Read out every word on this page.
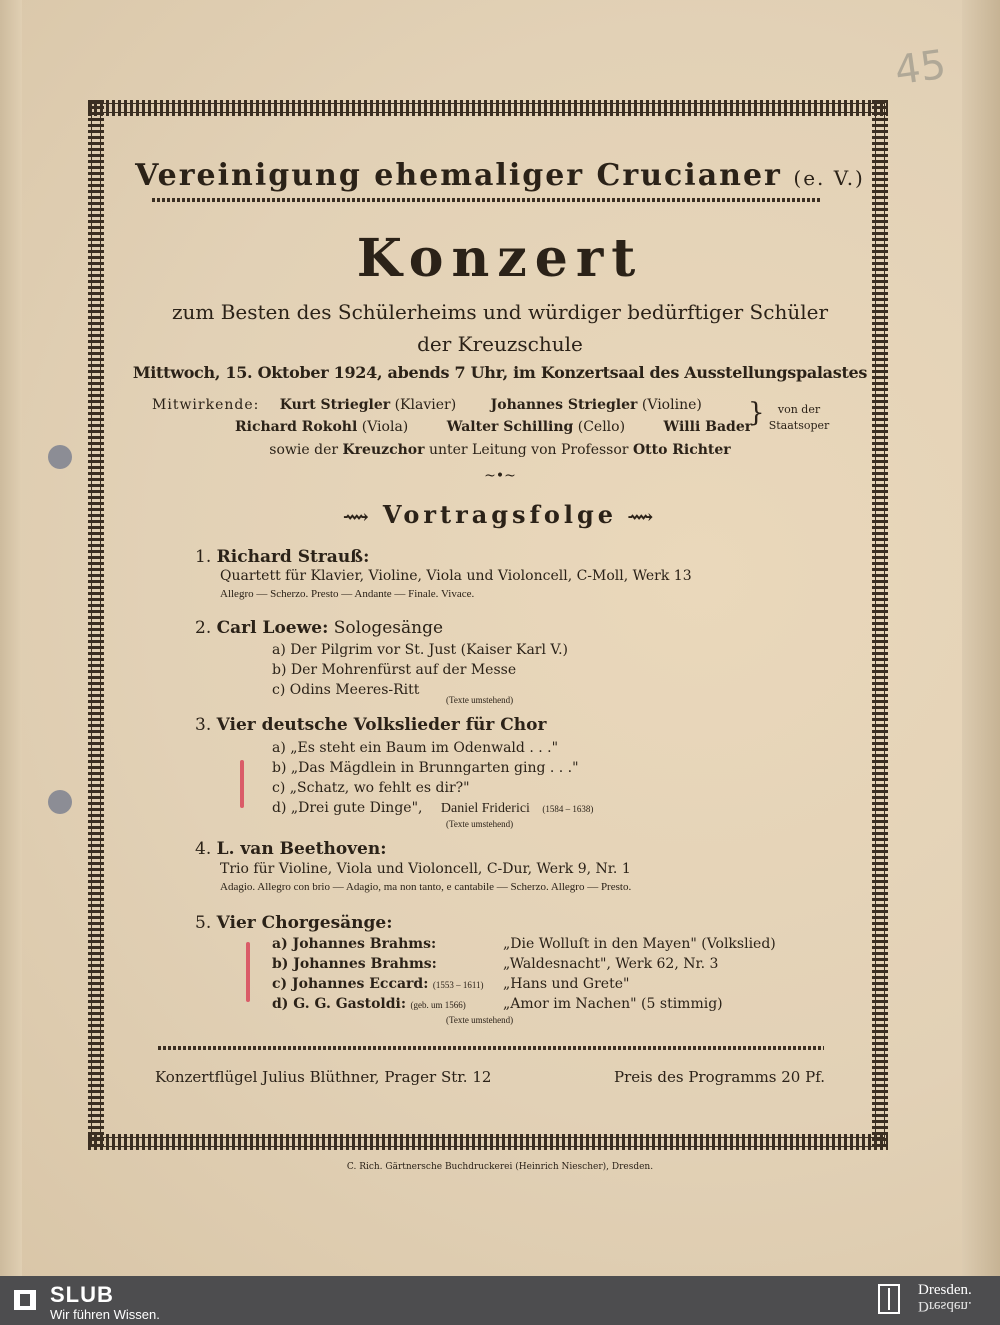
45
Vereinigung ehemaliger Crucianer (e. V.)
Konzert
zum Besten des Schülerheims und würdiger bedürftiger Schüler
der Kreuzschule
Mittwoch, 15. Oktober 1924, abends 7 Uhr, im Konzertsaal des Ausstellungspalastes
Mitwirkende: Kurt Striegler (Klavier) Johannes Striegler (Violine)
Richard Rokohl (Viola)	Walter Schilling (Cello)	Willi Bader
}	von der
Staatsoper
sowie der Kreuzchor unter Leitung von Professor Otto Richter
~•~
⟿ Vortragsfolge ⟿
1. Richard Strauß:
Quartett für Klavier, Violine, Viola und Violoncell, C-Moll, Werk 13
Allegro — Scherzo. Presto — Andante — Finale. Vivace.
2. Carl Loewe: Sologesänge
a) Der Pilgrim vor St. Just (Kaiser Karl V.)
b) Der Mohrenfürst auf der Messe
c) Odins Meeres-Ritt
(Texte umstehend)
3. Vier deutsche Volkslieder für Chor
a) „Es steht ein Baum im Odenwald . . ."
b) „Das Mägdlein in Brunngarten ging . . ."
c) „Schatz, wo fehlt es dir?"
d) „Drei gute Dinge", Daniel Friderici (1584 – 1638)
(Texte umstehend)
4. L. van Beethoven:
Trio für Violine, Viola und Violoncell, C-Dur, Werk 9, Nr. 1
Adagio. Allegro con brio — Adagio, ma non tanto, e cantabile — Scherzo. Allegro — Presto.
5. Vier Chorgesänge:
a) Johannes Brahms:	„Die Wolluſt in den Mayen" (Volkslied)
b) Johannes Brahms:	„Waldesnacht", Werk 62, Nr. 3
c) Johannes Eccard: (1553 – 1611) „Hans und Grete"
d) G. G. Gastoldi: (geb. um 1566)	„Amor im Nachen" (5 stimmig)
(Texte umstehend)
Konzertflügel Julius Blüthner, Prager Str. 12	Preis des Programms 20 Pf.
C. Rich. Gärtnersche Buchdruckerei (Heinrich Niescher), Dresden.
SLUB
Wir führen Wissen.
Dresden.
Dresden.
